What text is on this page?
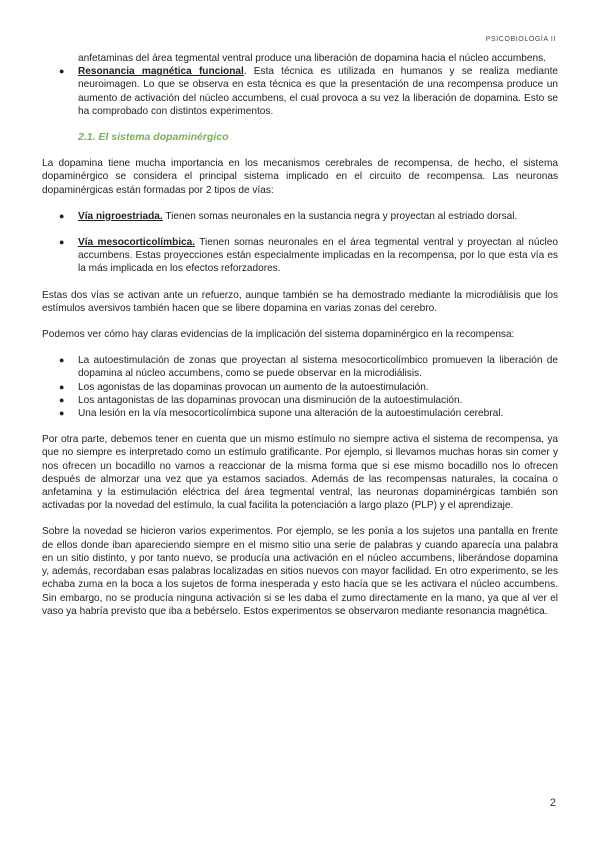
PSICOBIOLOGÍA II

anfetaminas del área tegmental ventral produce una liberación de dopamina hacia el núcleo accumbens.

● Resonancia magnética funcional. Esta técnica es utilizada en humanos y se realiza mediante neuroimagen. Lo que se observa en esta técnica es que la presentación de una recompensa produce un aumento de activación del núcleo accumbens, el cual provoca a su vez la liberación de dopamina. Esto se ha comprobado con distintos experimentos.

2.1. El sistema dopaminérgico

La dopamina tiene mucha importancia en los mecanismos cerebrales de recompensa, de hecho, el sistema dopaminérgico se considera el principal sistema implicado en el circuito de recompensa. Las neuronas dopaminérgicas están formadas por 2 tipos de vías:

● Vía nigroestriada. Tienen somas neuronales en la sustancia negra y proyectan al estriado dorsal.
● Vía mesocorticolímbica. Tienen somas neuronales en el área tegmental ventral y proyectan al núcleo accumbens. Estas proyecciones están especialmente implicadas en la recompensa, por lo que esta vía es la más implicada en los efectos reforzadores.

Estas dos vías se activan ante un refuerzo, aunque también se ha demostrado mediante la microdiálisis que los estímulos aversivos también hacen que se libere dopamina en varias zonas del cerebro.

Podemos ver cómo hay claras evidencias de la implicación del sistema dopaminérgico en la recompensa:

● La autoestimulación de zonas que proyectan al sistema mesocorticolímbico promueven la liberación de dopamina al núcleo accumbens, como se puede observar en la microdiálisis.
● Los agonistas de las dopaminas provocan un aumento de la autoestimulación.
● Los antagonistas de las dopaminas provocan una disminución de la autoestimulación.
● Una lesión en la vía mesocorticolímbica supone una alteración de la autoestimulación cerebral.

Por otra parte, debemos tener en cuenta que un mismo estímulo no siempre activa el sistema de recompensa, ya que no siempre es interpretado como un estímulo gratificante. Por ejemplo, si llevamos muchas horas sin comer y nos ofrecen un bocadillo no vamos a reaccionar de la misma forma que si ese mismo bocadillo nos lo ofrecen después de almorzar una vez que ya estamos saciados. Además de las recompensas naturales, la cocaína o anfetamina y la estimulación eléctrica del área tegmental ventral, las neuronas dopaminérgicas también son activadas por la novedad del estímulo, la cual facilita la potenciación a largo plazo (PLP) y el aprendizaje.

Sobre la novedad se hicieron varios experimentos. Por ejemplo, se les ponía a los sujetos una pantalla en frente de ellos donde iban apareciendo siempre en el mismo sitio una serie de palabras y cuando aparecía una palabra en un sitio distinto, y por tanto nuevo, se producía una activación en el núcleo accumbens, liberándose dopamina y, además, recordaban esas palabras localizadas en sitios nuevos con mayor facilidad. En otro experimento, se les echaba zuma en la boca a los sujetos de forma inesperada y esto hacía que se les activara el núcleo accumbens. Sin embargo, no se producía ninguna activación si se les daba el zumo directamente en la mano, ya que al ver el vaso ya habría previsto que iba a bebérselo. Estos experimentos se observaron mediante resonancia magnética.

2
